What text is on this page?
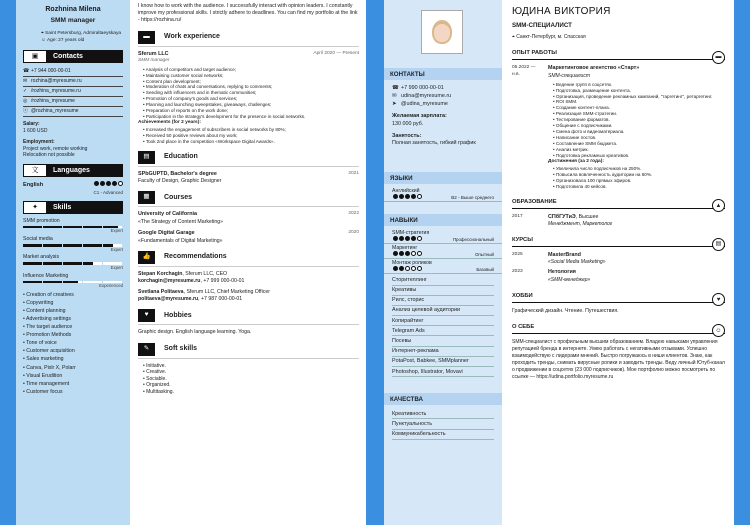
Rozhnina Milena
SMM manager
⌖ Saint Petersburg, Admiraltaeyskaya
☺ Age: 27 years old
▣	Contacts
☎ +7 944 000-00-01
✉ rozhina@myresume.ru
✓ /rozhina_myresume.ru
◎ /rozhina_myresume
ⓢ @rozhina_myresume
Salary:
1 600 USD
Employment:
Project work, remote working
Relocation not possible
文	Languages
English
C1 - Advanced
✦	Skills
SMM promotion
Expert
Social media
Expert
Market analysis
Expert
Influence Marketing
Experienced
• Creation of creatives
• Copywriting
• Content planning
• Advertising settings
• The target audience
• Promotion Methods
• Tone of voice
• Customer acquisition
• Sales marketing
• Canva, Pixlr X, Polarr
• Visual Erudition
• Time management
• Customer focus
I know how to work with the audience. I successfully interact with opinion leaders. I constantly improve my professional skills. I strictly adhere to deadlines. You can find my portfolio at the link - https://rozhina.ru/
▬	Work experience
Sferum LLC	April 2020 — Present
SMM manager
• Analysis of competitors and target audience;
• Maintaining customer social networks;
• Content plan development;
• Moderation of chats and conversations, replying to comments;
• Seeding with influencers and in thematic communities;
• Promotion of company's goods and services;
• Planning and launching sweepstakes, giveaways, challenges;
• Preparation of reports on the work done;
• Participation in the strategy's development for the presence in social networks.
Achievements (for 2 years):
• Increased the engagement of subscribers in social networks by 80%;
• Received 50 positive reviews about my work;
• Took 2nd place in the competition «Workspace Digital Awards».
▤	Education
SPbGUPTD, Bachelor's degree	2021
Faculty of Design, Graphic Designer
▦	Courses
University of California	2022
«The Strategy of Content Marketing»
Google Digital Garage	2020
«Fundamentals of Digital Marketing»
👍	Recommendations
Stepan Korchagin, Sferum LLC, CEO
korchagin@myresume.ru, +7 999 000-00-01
Svetlana Politaeva, Sferum LLC, Chief Marketing Officer
politaeva@myresume.ru, +7 987 000-00-01
♥	Hobbies
Graphic design. English language learning. Yoga.
✎	Soft skills
• Initiative.
• Creative.
• Sociable.
• Organized.
• Multitasking.
КОНТАКТЫ
☎ +7 990 000-00-01
✉ udina@myresume.ru
➤ @udina_myresume
Желаемая зарплата:
130 000 руб.
Занятость:
Полная занятость, гибкий график
ЯЗЫКИ
Английский
B2 - Выше среднего
НАВЫКИ
SMM-стратегия
Профессиональный
Маркетинг
Опытный
Монтаж роликов
Базовый
Сторителлинг
Креативы
Рилс, сторис
Анализ целевой аудитории
Копирайтинг
Telegram Ads
Посевы
Интернет-реклама
PotaPost, Babkee, SMMplanner
Photoshop, Illustrator, Movavi
КАЧЕСТВА
Креативность
Пунктуальность
Коммуникабельность
ЮДИНА ВИКТОРИЯ
SMM-СПЕЦИАЛИСТ
⌖ Санкт-Петербург, м. Спасская
ОПЫТ РАБОТЫ
▬
05.2022 —
н.в.
Маркетинговое агентство «Старт»
SMM-специалист
• Ведение групп в соцсетях.
• Подготовка, размещение контента.
• Организация, проведение рекламных кампаний, "таргетинг", ретаргетинг.
• ROI SMM.
• Создание контент-плана.
• Реализация SMM-стратегии.
• Тестирование форматов.
• Общение с подписчиками.
• Смена фото и видеоматериала.
• Написание постов.
• Составление SMM бюджета.
• Анализ метрик.
• Подготовка рекламных креативов.
Достижения (за 2 года):
• Увеличила число подписчиков на 250%.
• Повысила вовлеченность аудитории на 60%.
• Организовала 100 прямых эфиров.
• Подготовила 40 кейсов.
ОБРАЗОВАНИЕ
▲
2017	СПбГУТиЭ, Высшее
Менеджмент, Маркетолог
КУРСЫ
▤
2025	MasterBrand
«Social Media Marketing»
2023	Нетология
«SMM-менеджер»
ХОББИ
♥
Графический дизайн. Чтение. Путешествия.
О СЕБЕ
☺
SMM-специалист с профильным высшим образованием. Владею навыками управления репутацией бренда в интернете. Умею работать с негативными отзывами. Успешно взаимодействую с лидерами мнений. Быстро погружаюсь в ниши клиентов. Знаю, как проходить тренды, снимать вирусные ролики и заводить тренды. Веду личный Ютуб-канал о продвижении в соцсетях (23 000 подписчиков). Мое портфолио можно посмотреть по ссылке — https://udina.portfolio.myresume.ru
